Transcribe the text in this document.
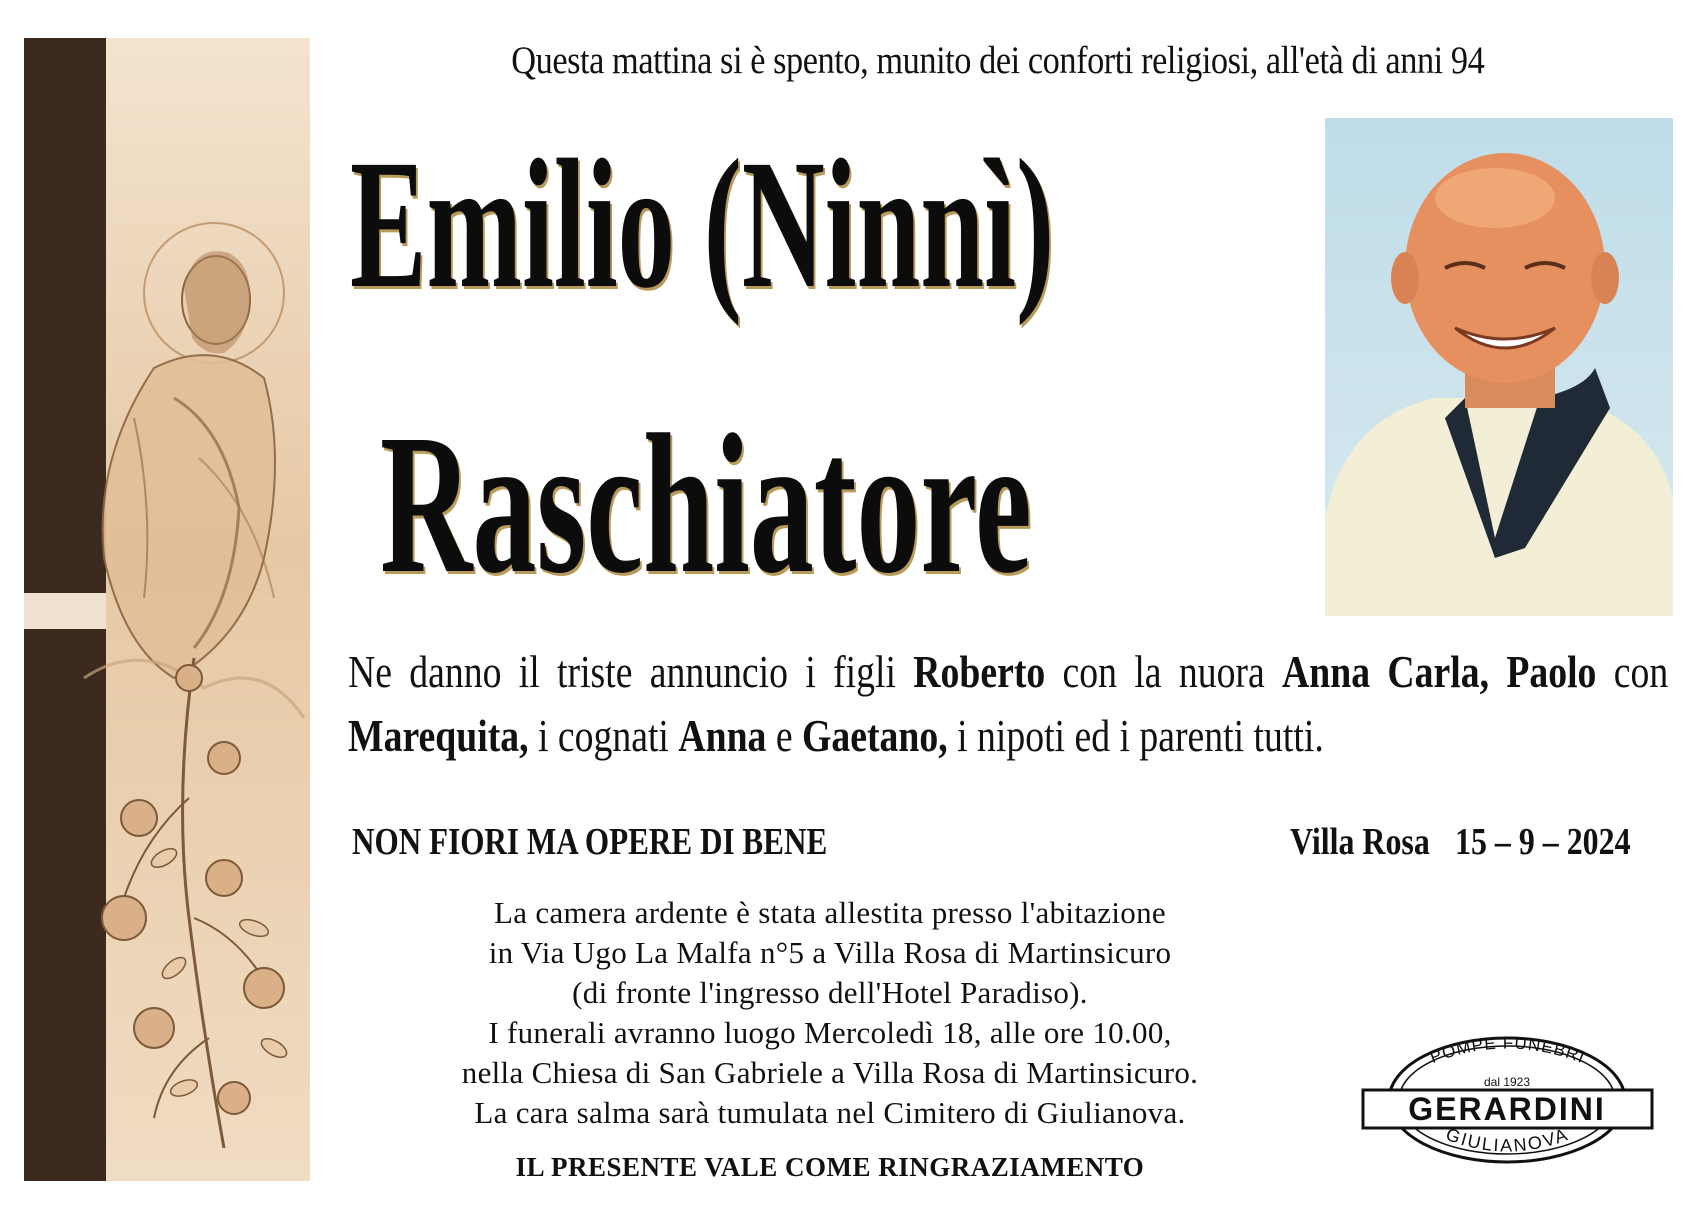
Questa mattina si è spento, munito dei conforti religiosi, all'età di anni 94
Emilio (Ninnì)
Raschiatore
Ne danno il triste annuncio i figli Roberto con la nuora Anna Carla, Paolo con Marequita, i cognati Anna e Gaetano, i nipoti ed i parenti tutti.
NON FIORI MA OPERE DI BENE	Villa Rosa 15 – 9 – 2024
La camera ardente è stata allestita presso l'abitazione
in Via Ugo La Malfa n°5 a Villa Rosa di Martinsicuro
(di fronte l'ingresso dell'Hotel Paradiso).
I funerali avranno luogo Mercoledì 18, alle ore 10.00,
nella Chiesa di San Gabriele a Villa Rosa di Martinsicuro.
La cara salma sarà tumulata nel Cimitero di Giulianova.
IL PRESENTE VALE COME RINGRAZIAMENTO
POMPE FUNEBRI
dal 1923
GERARDINI
GIULIANOVA
